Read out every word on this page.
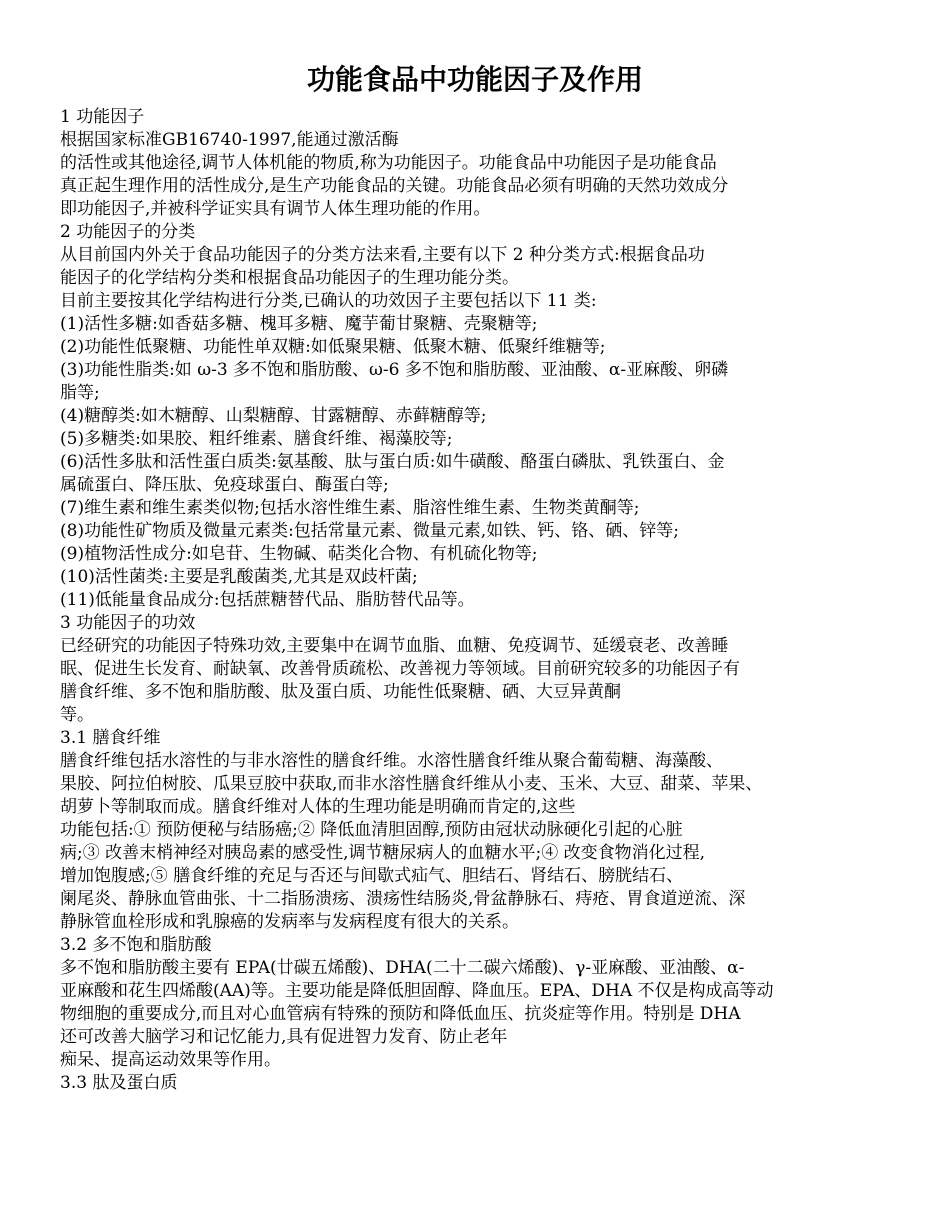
功能食品中功能因子及作用
1 功能因子
根据国家标准GB16740-1997,能通过激活酶
的活性或其他途径,调节人体机能的物质,称为功能因子。功能食品中功能因子是功能食品
真正起生理作用的活性成分,是生产功能食品的关键。功能食品必须有明确的天然功效成分
即功能因子,并被科学证实具有调节人体生理功能的作用。
2 功能因子的分类
从目前国内外关于食品功能因子的分类方法来看,主要有以下 2 种分类方式:根据食品功
能因子的化学结构分类和根据食品功能因子的生理功能分类。
目前主要按其化学结构进行分类,已确认的功效因子主要包括以下 11 类:
(1)活性多糖:如香菇多糖、槐耳多糖、魔芋葡甘聚糖、壳聚糖等;
(2)功能性低聚糖、功能性单双糖:如低聚果糖、低聚木糖、低聚纤维糖等;
(3)功能性脂类:如 ω-3 多不饱和脂肪酸、ω-6 多不饱和脂肪酸、亚油酸、α-亚麻酸、卵磷
脂等;
(4)糖醇类:如木糖醇、山梨糖醇、甘露糖醇、赤藓糖醇等;
(5)多糖类:如果胶、粗纤维素、膳食纤维、褐藻胶等;
(6)活性多肽和活性蛋白质类:氨基酸、肽与蛋白质:如牛磺酸、酪蛋白磷肽、乳铁蛋白、金
属硫蛋白、降压肽、免疫球蛋白、酶蛋白等;
(7)维生素和维生素类似物;包括水溶性维生素、脂溶性维生素、生物类黄酮等;
(8)功能性矿物质及微量元素类:包括常量元素、微量元素,如铁、钙、铬、硒、锌等;
(9)植物活性成分:如皂苷、生物碱、萜类化合物、有机硫化物等;
(10)活性菌类:主要是乳酸菌类,尤其是双歧杆菌;
(11)低能量食品成分:包括蔗糖替代品、脂肪替代品等。
3 功能因子的功效
已经研究的功能因子特殊功效,主要集中在调节血脂、血糖、免疫调节、延缓衰老、改善睡
眠、促进生长发育、耐缺氧、改善骨质疏松、改善视力等领域。目前研究较多的功能因子有
膳食纤维、多不饱和脂肪酸、肽及蛋白质、功能性低聚糖、硒、大豆异黄酮
等。
3.1 膳食纤维
膳食纤维包括水溶性的与非水溶性的膳食纤维。水溶性膳食纤维从聚合葡萄糖、海藻酸、
果胶、阿拉伯树胶、瓜果豆胶中获取,而非水溶性膳食纤维从小麦、玉米、大豆、甜菜、苹果、
胡萝卜等制取而成。膳食纤维对人体的生理功能是明确而肯定的,这些
功能包括:① 预防便秘与结肠癌;② 降低血清胆固醇,预防由冠状动脉硬化引起的心脏
病;③ 改善末梢神经对胰岛素的感受性,调节糖尿病人的血糖水平;④ 改变食物消化过程,
增加饱腹感;⑤ 膳食纤维的充足与否还与间歇式疝气、胆结石、肾结石、膀胱结石、
阑尾炎、静脉血管曲张、十二指肠溃疡、溃疡性结肠炎,骨盆静脉石、痔疮、胃食道逆流、深
静脉管血栓形成和乳腺癌的发病率与发病程度有很大的关系。
3.2 多不饱和脂肪酸
多不饱和脂肪酸主要有 EPA(廿碳五烯酸)、DHA(二十二碳六烯酸)、γ-亚麻酸、亚油酸、α-
亚麻酸和花生四烯酸(AA)等。主要功能是降低胆固醇、降血压。EPA、DHA 不仅是构成高等动
物细胞的重要成分,而且对心血管病有特殊的预防和降低血压、抗炎症等作用。特别是 DHA
还可改善大脑学习和记忆能力,具有促进智力发育、防止老年
痴呆、提高运动效果等作用。
3.3 肽及蛋白质
